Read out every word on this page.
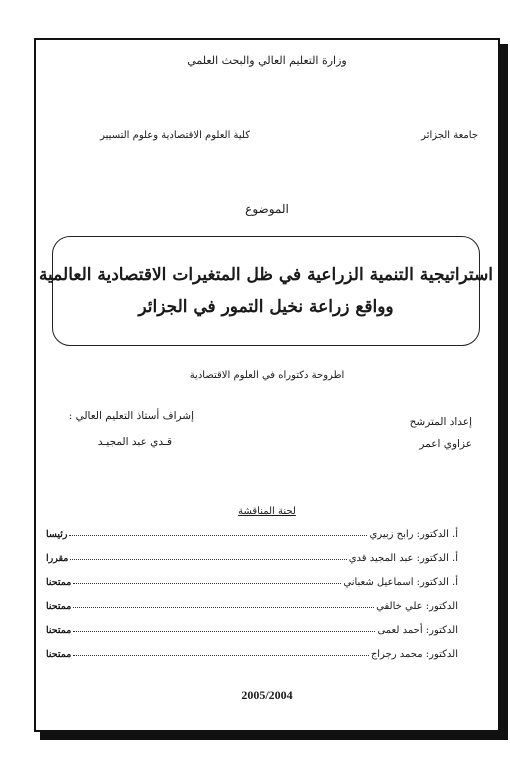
وزارة التعليم العالي والبحث العلمي
جامعة الجزائر
كلية العلوم الاقتصادية وعلوم التسيير
الموضوع
استراتيجية التنمية الزراعية في ظل المتغيرات الاقتصادية العالمية
وواقع زراعة نخيل التمور في الجزائر
اطروحة دكتوراه في العلوم الاقتصادية
إعداد المترشح
عزاوي اعمر
إشراف أستاذ التعليم العالي :
قـدي عبد المجيـد
لجنة المناقشة
أ. الدكتور: رابح زبيري
رئيسا
أ. الدكتور: عبد المجيد قدي
مقررا
أ. الدكتور: اسماعيل شعباني
ممتحنا
الدكتور: علي خالفي
ممتحنا
الدكتور: أحمد لعمى
ممتحنا
الدكتور: محمد رجراج
ممتحنا
2005/2004
